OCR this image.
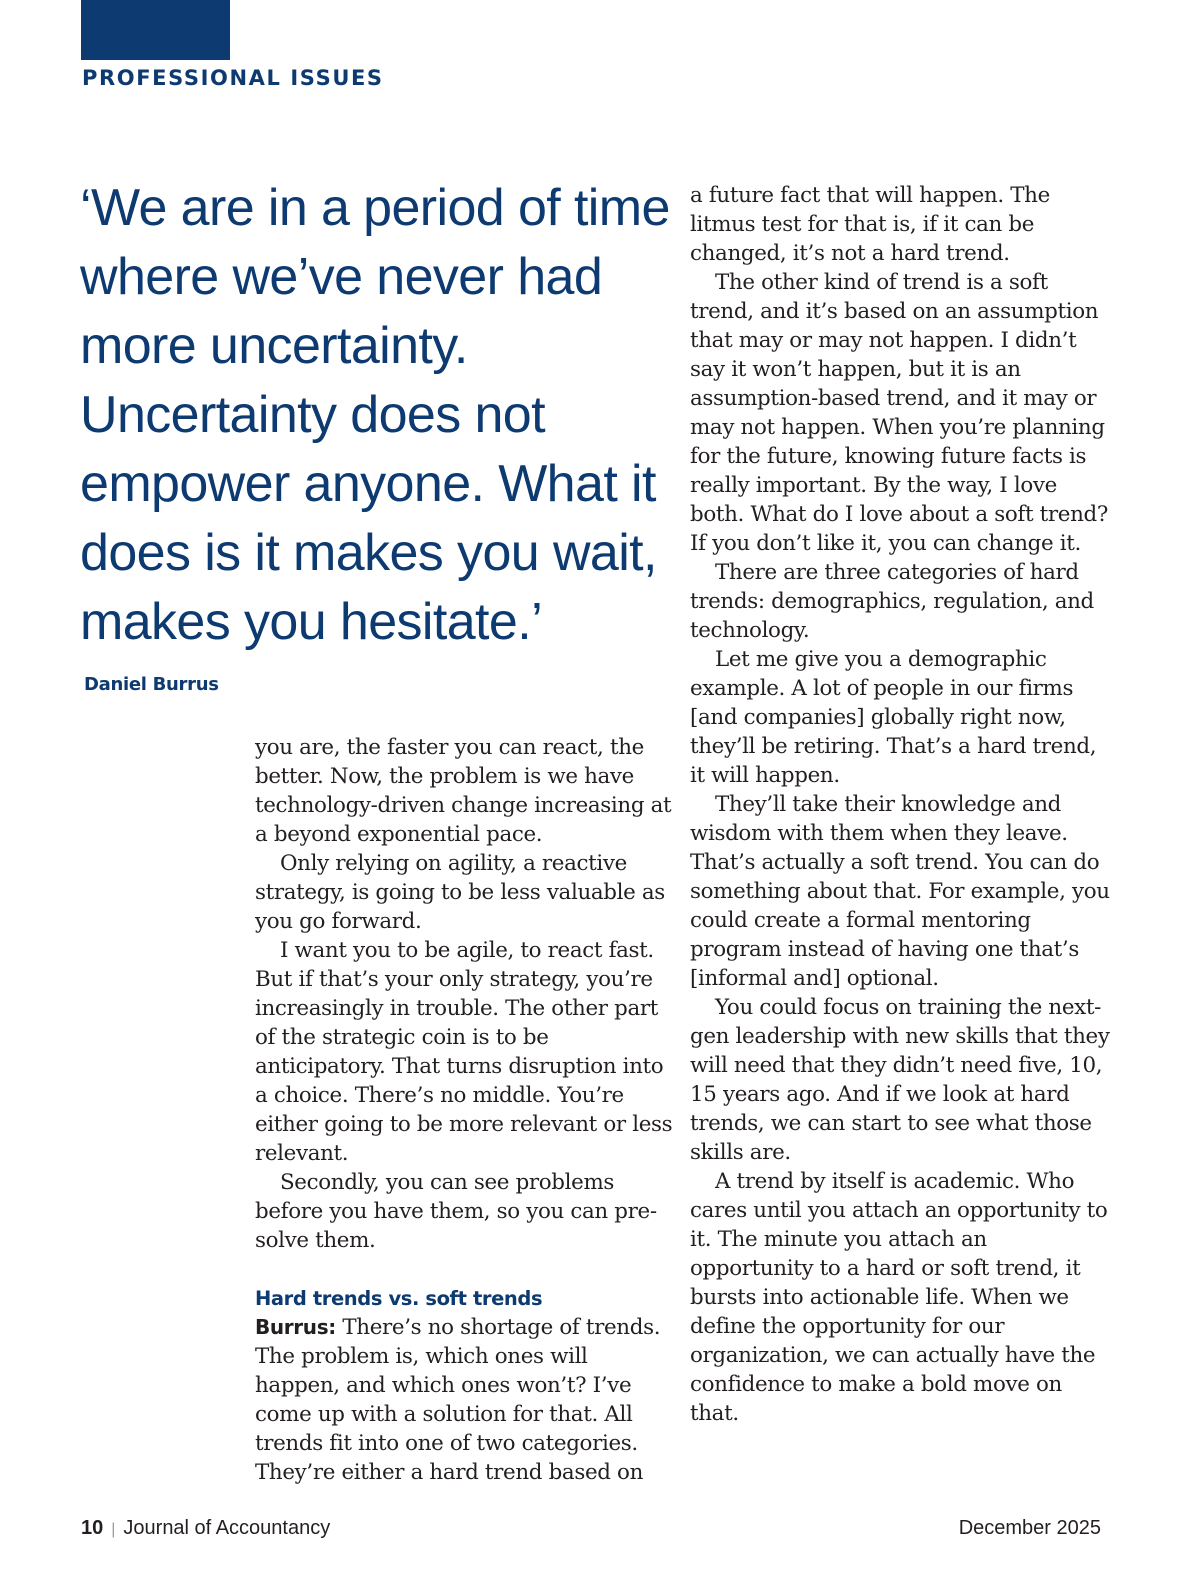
PROFESSIONAL ISSUES
‘We are in a period of time
where we’ve never had
more uncertainty.
Uncertainty does not
empower anyone. What it
does is it makes you wait,
makes you hesitate.’
Daniel Burrus

you are, the faster you can react, the better. Now, the problem is we have technology-driven change increasing at a beyond exponential pace.

Only relying on agility, a reactive strategy, is going to be less valuable as you go forward.

I want you to be agile, to react fast. But if that’s your only strategy, you’re increasingly in trouble. The other part of the strategic coin is to be anticipatory. That turns disruption into a choice. There’s no middle. You’re either going to be more relevant or less relevant.

Secondly, you can see problems before you have them, so you can pre-solve them.

Hard trends vs. soft trends

Burrus: There’s no shortage of trends. The problem is, which ones will happen, and which ones won’t? I’ve come up with a solution for that. All trends fit into one of two categories. They’re either a hard trend based on

a future fact that will happen. The litmus test for that is, if it can be changed, it’s not a hard trend.

The other kind of trend is a soft trend, and it’s based on an assumption that may or may not happen. I didn’t say it won’t happen, but it is an assumption-based trend, and it may or may not happen. When you’re planning for the future, knowing future facts is really important. By the way, I love both. What do I love about a soft trend? If you don’t like it, you can change it.

There are three categories of hard trends: demographics, regulation, and technology.

Let me give you a demographic example. A lot of people in our firms [and companies] globally right now, they’ll be retiring. That’s a hard trend, it will happen.

They’ll take their knowledge and wisdom with them when they leave. That’s actually a soft trend. You can do something about that. For example, you could create a formal mentoring program instead of having one that’s [informal and] optional.

You could focus on training the next-gen leadership with new skills that they will need that they didn’t need five, 10, 15 years ago. And if we look at hard trends, we can start to see what those skills are.

A trend by itself is academic. Who cares until you attach an opportunity to it. The minute you attach an opportunity to a hard or soft trend, it bursts into actionable life. When we define the opportunity for our organization, we can actually have the confidence to make a bold move on that.

10 | Journal of Accountancy	December 2025
